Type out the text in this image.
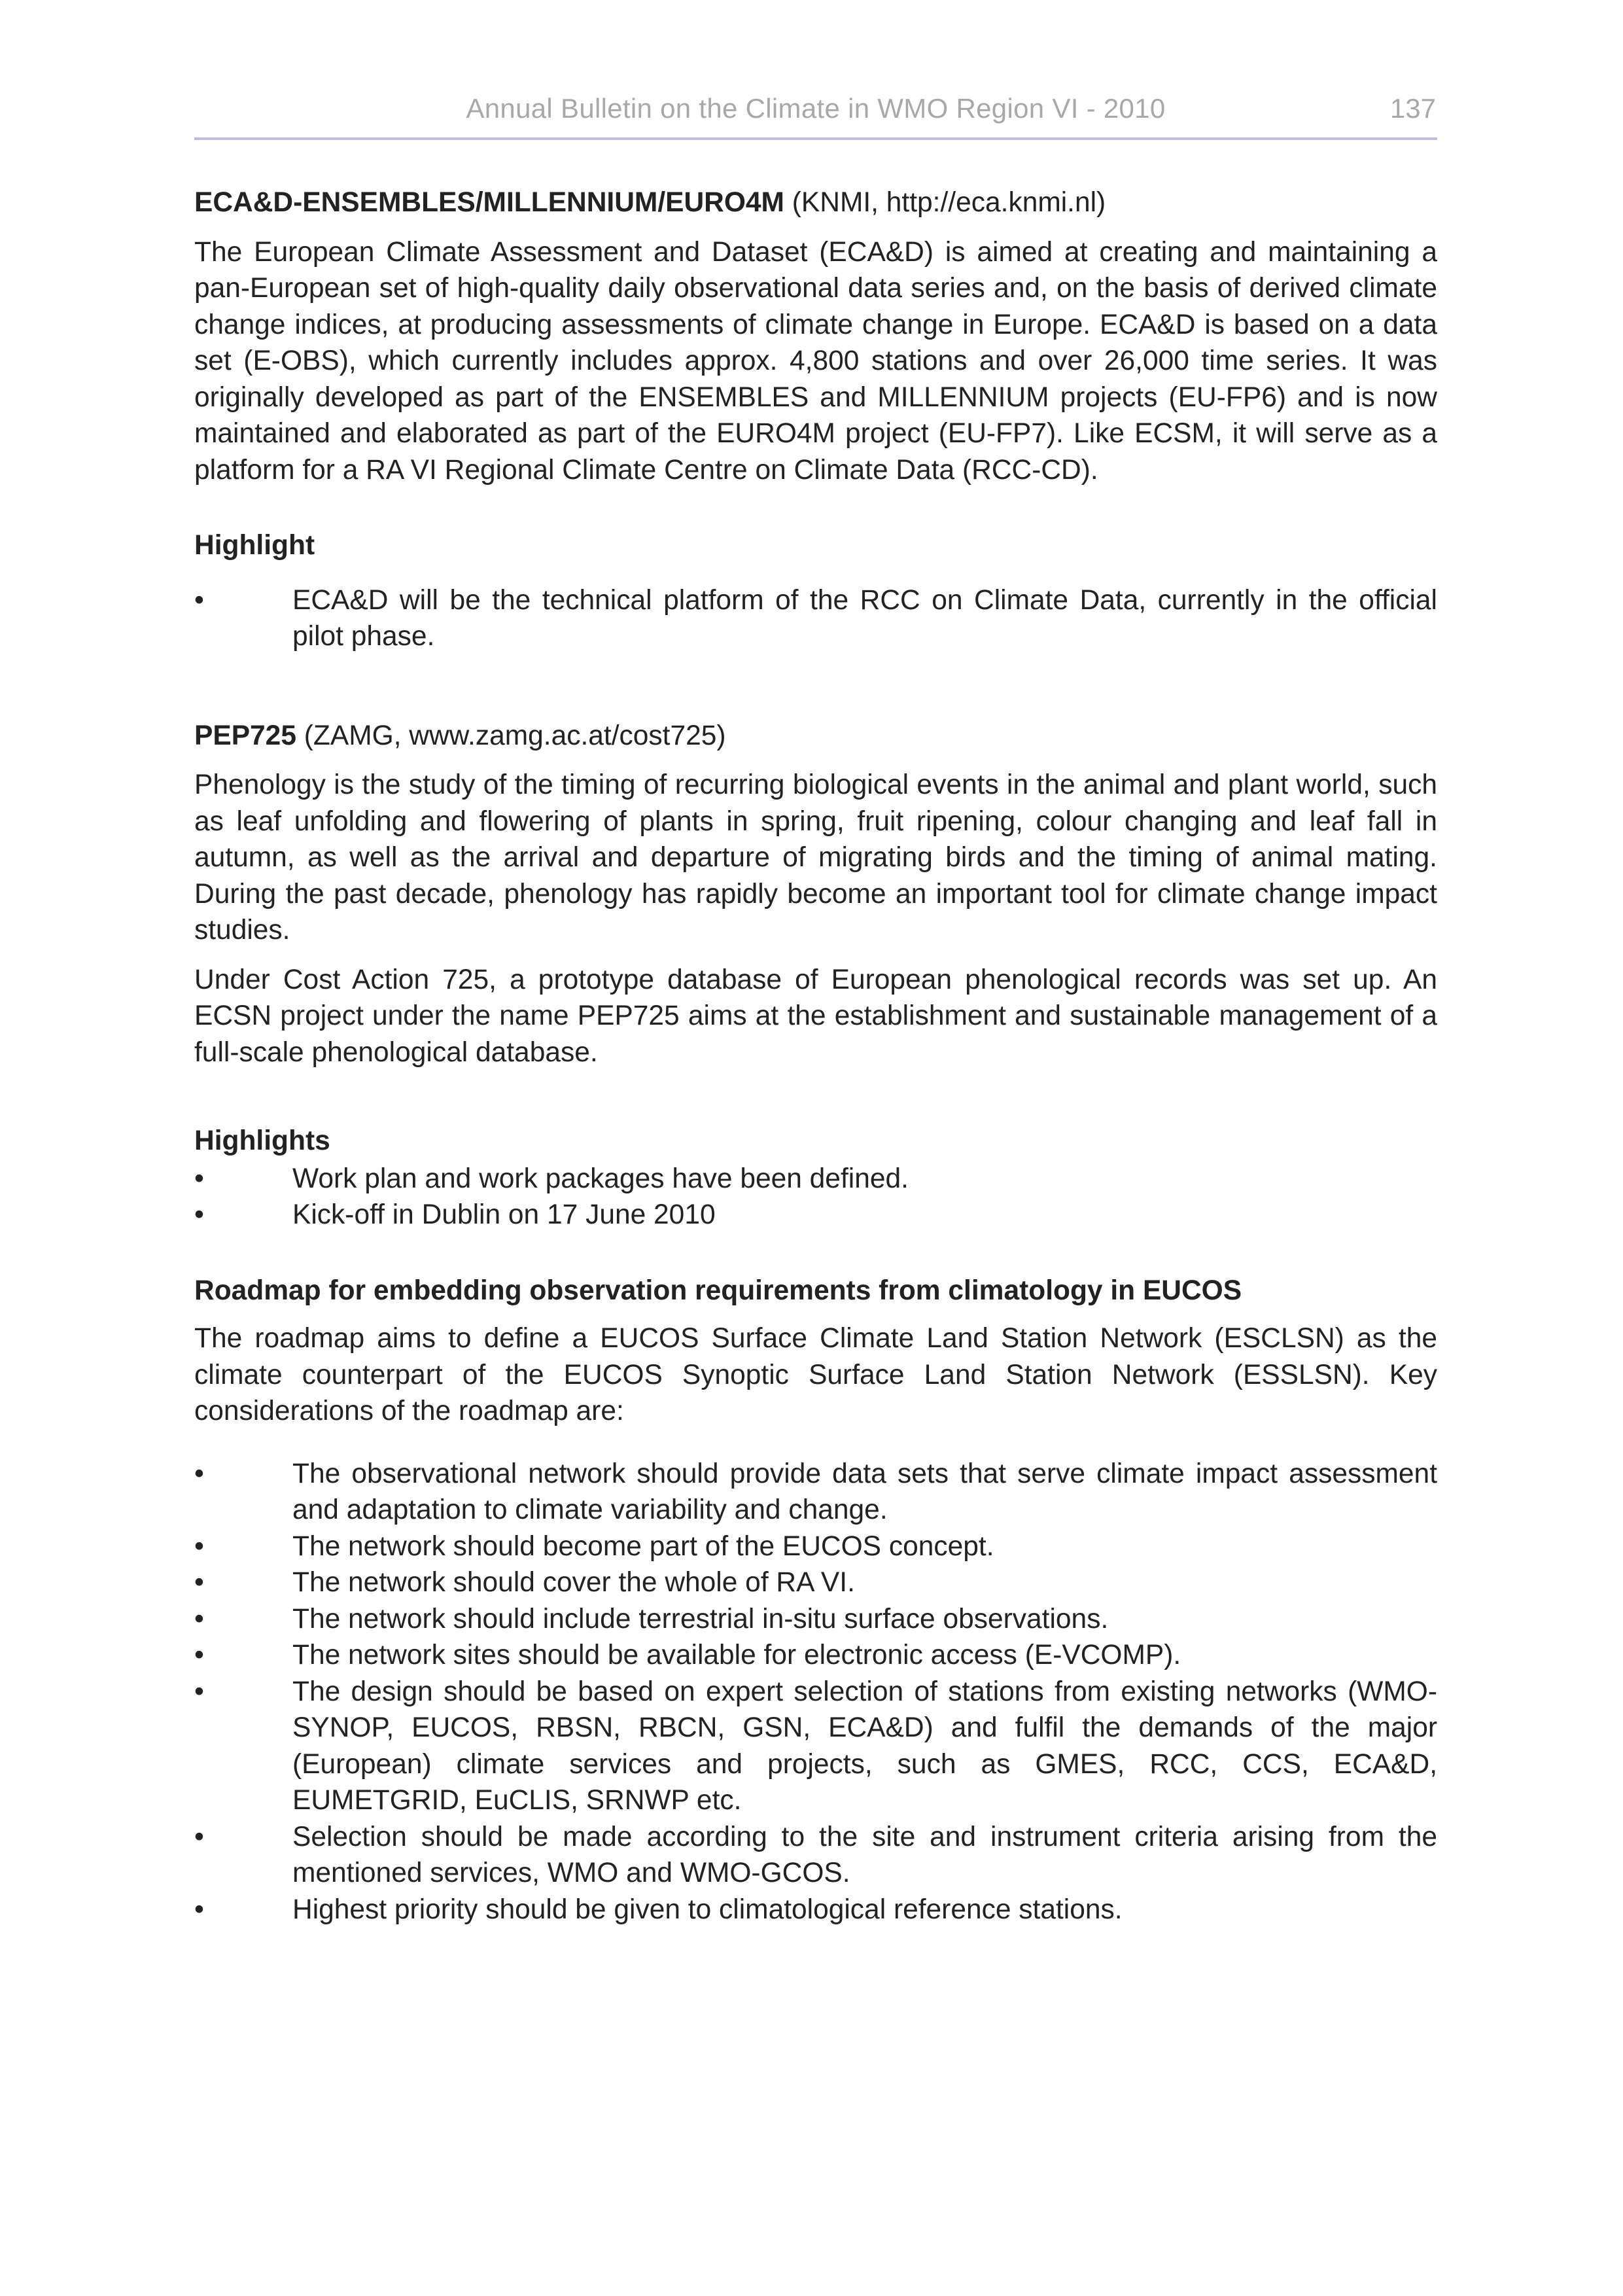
Annual Bulletin on the Climate in WMO Region VI - 2010	137
ECA&D-ENSEMBLES/MILLENNIUM/EURO4M (KNMI, http://eca.knmi.nl)

The European Climate Assessment and Dataset (ECA&D) is aimed at creating and maintaining a pan-European set of high-quality daily observational data series and, on the basis of derived climate change indices, at producing assessments of climate change in Europe. ECA&D is based on a data set (E-OBS), which currently includes approx. 4,800 stations and over 26,000 time series. It was originally developed as part of the ENSEMBLES and MILLENNIUM projects (EU-FP6) and is now maintained and elaborated as part of the EURO4M project (EU-FP7). Like ECSM, it will serve as a platform for a RA VI Regional Climate Centre on Climate Data (RCC-CD).

Highlight
•	ECA&D will be the technical platform of the RCC on Climate Data, currently in the official pilot phase.
PEP725 (ZAMG, www.zamg.ac.at/cost725)

Phenology is the study of the timing of recurring biological events in the animal and plant world, such as leaf unfolding and flowering of plants in spring, fruit ripening, colour changing and leaf fall in autumn, as well as the arrival and departure of migrating birds and the timing of animal mating. During the past decade, phenology has rapidly become an important tool for climate change impact studies.

Under Cost Action 725, a prototype database of European phenological records was set up. An ECSN project under the name PEP725 aims at the establishment and sustainable management of a full-scale phenological database.

Highlights
•	Work plan and work packages have been defined.
•	Kick-off in Dublin on 17 June 2010
Roadmap for embedding observation requirements from climatology in EUCOS

The roadmap aims to define a EUCOS Surface Climate Land Station Network (ESCLSN) as the climate counterpart of the EUCOS Synoptic Surface Land Station Network (ESSLSN). Key considerations of the roadmap are:

•	The observational network should provide data sets that serve climate impact assessment and adaptation to climate variability and change.
•	The network should become part of the EUCOS concept.
•	The network should cover the whole of RA VI.
•	The network should include terrestrial in-situ surface observations.
•	The network sites should be available for electronic access (E-VCOMP).
•	The design should be based on expert selection of stations from existing networks (WMO-SYNOP, EUCOS, RBSN, RBCN, GSN, ECA&D) and fulfil the demands of the major (European) climate services and projects, such as GMES, RCC, CCS, ECA&D, EUMETGRID, EuCLIS, SRNWP etc.
•	Selection should be made according to the site and instrument criteria arising from the mentioned services, WMO and WMO-GCOS.
•	Highest priority should be given to climatological reference stations.
